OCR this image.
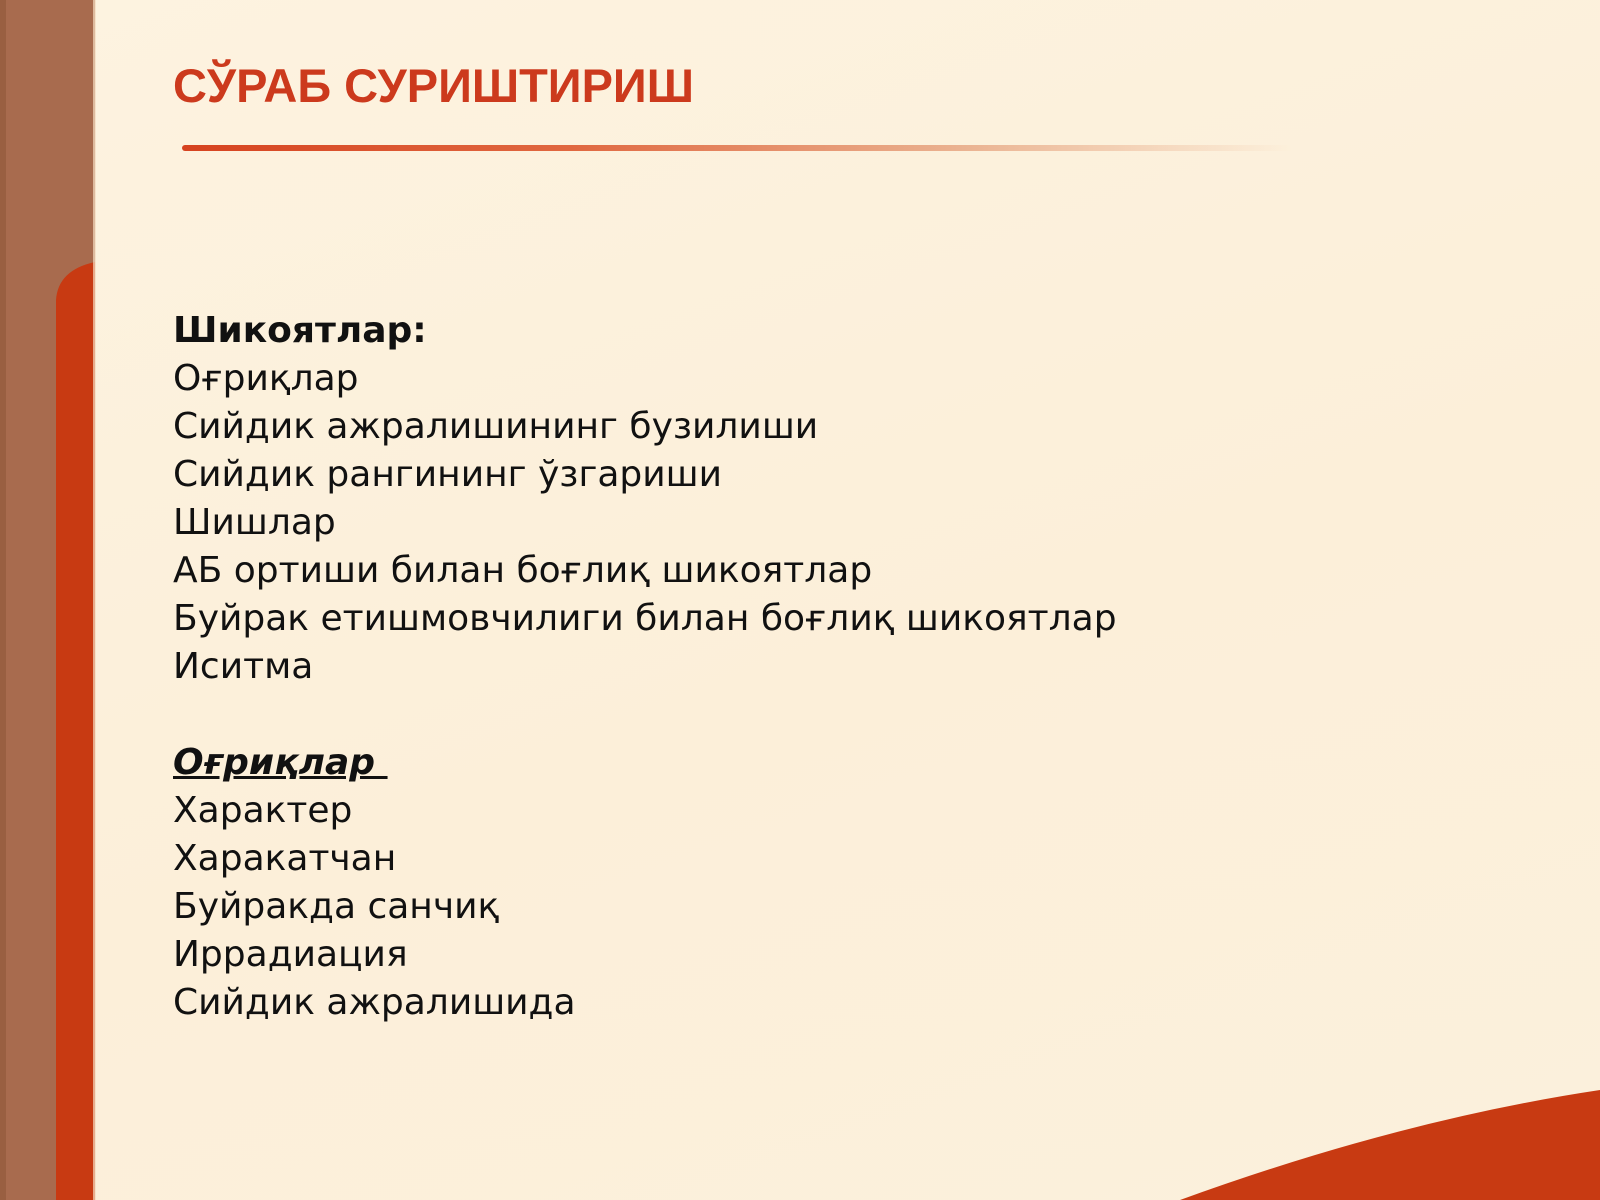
СЎРАБ СУРИШТИРИШ
Шикоятлар:
Оғриқлар
Сийдик ажралишининг бузилиши
Сийдик рангининг ўзгариши
Шишлар
АБ ортиши билан боғлиқ шикоятлар
Буйрак етишмовчилиги билан боғлиқ шикоятлар
Иситма
Оғриқлар
Характер
Харакатчан
Буйракда санчиқ
Иррадиация
Сийдик ажралишида
